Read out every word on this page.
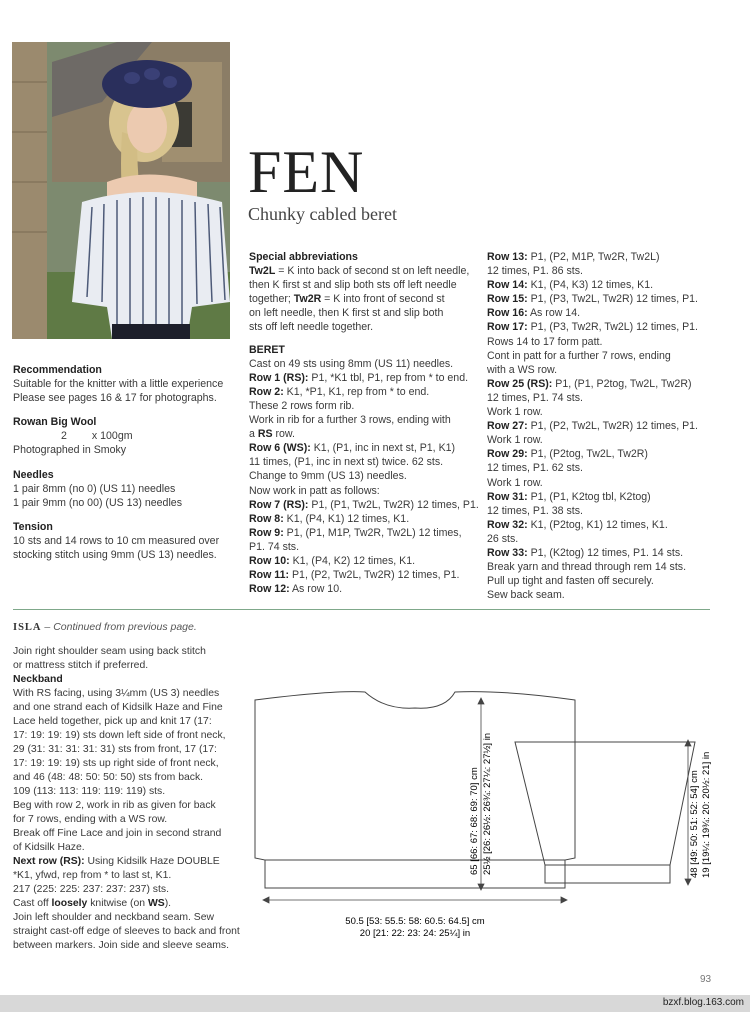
FEN
Chunky cabled beret
Recommendation
Suitable for the knitter with a little experience
Please see pages 16 & 17 for photographs.
Rowan Big Wool
2 x 100gm
Photographed in Smoky
Needles
1 pair 8mm (no 0) (US 11) needles
1 pair 9mm (no 00) (US 13) needles
Tension
10 sts and 14 rows to 10 cm measured over
stocking stitch using 9mm (US 13) needles.
Special abbreviations
Tw2L = K into back of second st on left needle,
then K first st and slip both sts off left needle
together; Tw2R = K into front of second st
on left needle, then K first st and slip both
sts off left needle together.
BERET
Cast on 49 sts using 8mm (US 11) needles.
Row 1 (RS): P1, *K1 tbl, P1, rep from * to end.
Row 2: K1, *P1, K1, rep from * to end.
These 2 rows form rib.
Work in rib for a further 3 rows, ending with
a RS row.
Row 6 (WS): K1, (P1, inc in next st, P1, K1)
11 times, (P1, inc in next st) twice. 62 sts.
Change to 9mm (US 13) needles.
Now work in patt as follows:
Row 7 (RS): P1, (P1, Tw2L, Tw2R) 12 times, P1.
Row 8: K1, (P4, K1) 12 times, K1.
Row 9: P1, (P1, M1P, Tw2R, Tw2L) 12 times,
P1. 74 sts.
Row 10: K1, (P4, K2) 12 times, K1.
Row 11: P1, (P2, Tw2L, Tw2R) 12 times, P1.
Row 12: As row 10.
Row 13: P1, (P2, M1P, Tw2R, Tw2L)
12 times, P1. 86 sts.
Row 14: K1, (P4, K3) 12 times, K1.
Row 15: P1, (P3, Tw2L, Tw2R) 12 times, P1.
Row 16: As row 14.
Row 17: P1, (P3, Tw2R, Tw2L) 12 times, P1.
Rows 14 to 17 form patt.
Cont in patt for a further 7 rows, ending
with a WS row.
Row 25 (RS): P1, (P1, P2tog, Tw2L, Tw2R)
12 times, P1. 74 sts.
Work 1 row.
Row 27: P1, (P2, Tw2L, Tw2R) 12 times, P1.
Work 1 row.
Row 29: P1, (P2tog, Tw2L, Tw2R)
12 times, P1. 62 sts.
Work 1 row.
Row 31: P1, (P1, K2tog tbl, K2tog)
12 times, P1. 38 sts.
Row 32: K1, (P2tog, K1) 12 times, K1.
26 sts.
Row 33: P1, (K2tog) 12 times, P1. 14 sts.
Break yarn and thread through rem 14 sts.
Pull up tight and fasten off securely.
Sew back seam.
ISLA – Continued from previous page.
Join right shoulder seam using back stitch
or mattress stitch if preferred.
Neckband
With RS facing, using 3¼mm (US 3) needles
and one strand each of Kidsilk Haze and Fine
Lace held together, pick up and knit 17 (17:
17: 19: 19: 19) sts down left side of front neck,
29 (31: 31: 31: 31: 31) sts from front, 17 (17:
17: 19: 19: 19) sts up right side of front neck,
and 46 (48: 48: 50: 50: 50) sts from back.
109 (113: 113: 119: 119: 119) sts.
Beg with row 2, work in rib as given for back
for 7 rows, ending with a WS row.
Break off Fine Lace and join in second strand
of Kidsilk Haze.
Next row (RS): Using Kidsilk Haze DOUBLE
*K1, yfwd, rep from * to last st, K1.
217 (225: 225: 237: 237: 237) sts.
Cast off loosely knitwise (on WS).
Join left shoulder and neckband seam. Sew
straight cast-off edge of sleeves to back and front
between markers. Join side and sleeve seams.
65 [66: 67: 68: 69: 70] cm 25½ [26: 26½: 26¾: 27¼: 27½] in
50.5 [53: 55.5: 58: 60.5: 64.5] cm
20 [21: 22: 23: 24: 25¼] in
48 [49: 50: 51: 52: 54] cm 19 [19¼: 19¾: 20: 20½: 21] in
93
bzxf.blog.163.com
